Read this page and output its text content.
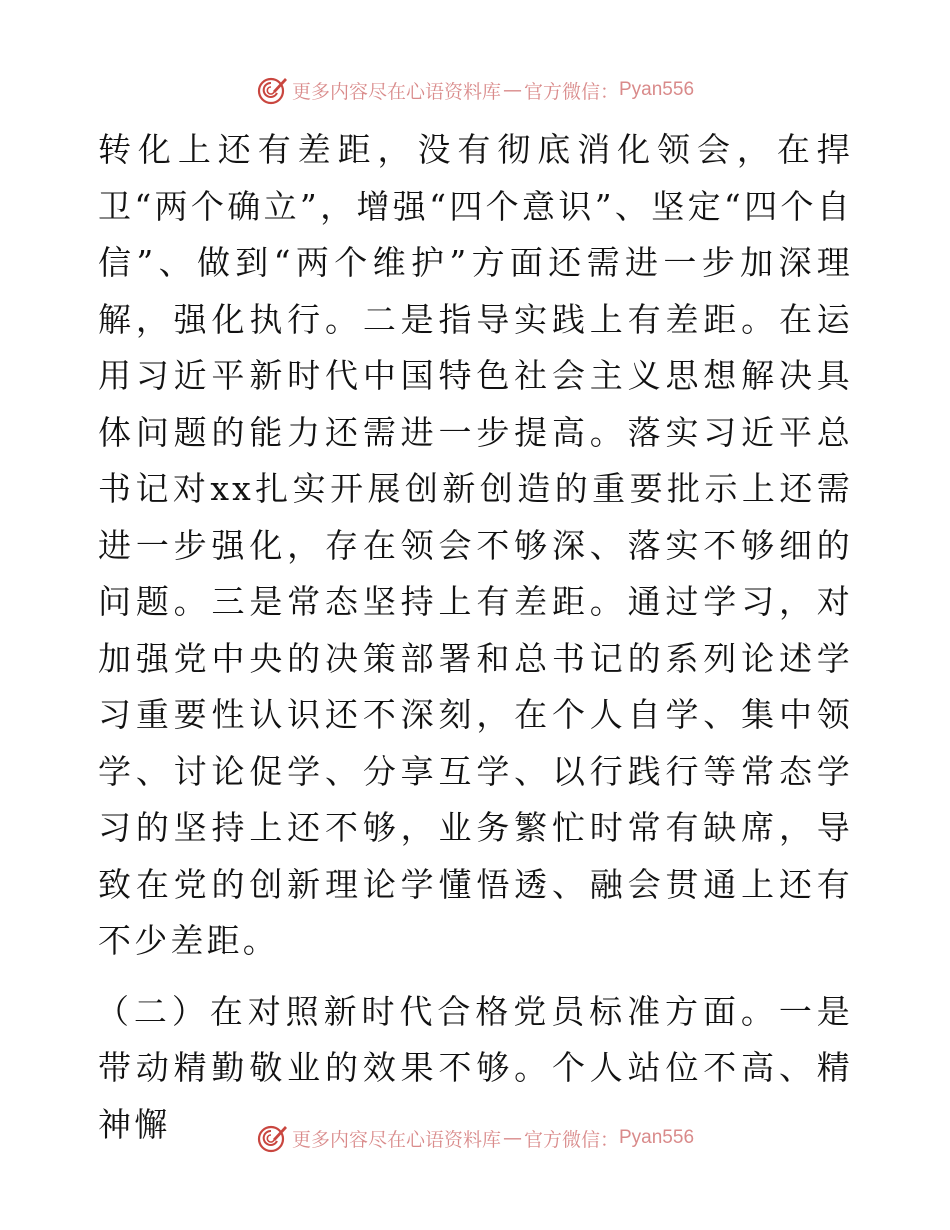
更多内容尽在心语资料库 — 官方微信： Pyan556

转化上还有差距，没有彻底消化领会，在捍卫“两个确立”，增强“四个意识”、坚定“四个自信”、做到“两个维护”方面还需进一步加深理解，强化执行。二是指导实践上有差距。在运用习近平新时代中国特色社会主义思想解决具体问题的能力还需进一步提高。落实习近平总书记对xx扎实开展创新创造的重要批示上还需进一步强化，存在领会不够深、落实不够细的问题。三是常态坚持上有差距。通过学习，对加强党中央的决策部署和总书记的系列论述学习重要性认识还不深刻，在个人自学、集中领学、讨论促学、分享互学、以行践行等常态学习的坚持上还不够，业务繁忙时常有缺席，导致在党的创新理论学懂悟透、融会贯通上还有不少差距。

（二）在对照新时代合格党员标准方面。一是带动精勤敬业的效果不够。个人站位不高、精神懈	更多内容尽在心语资料库 — 官方微信： Pyan556
